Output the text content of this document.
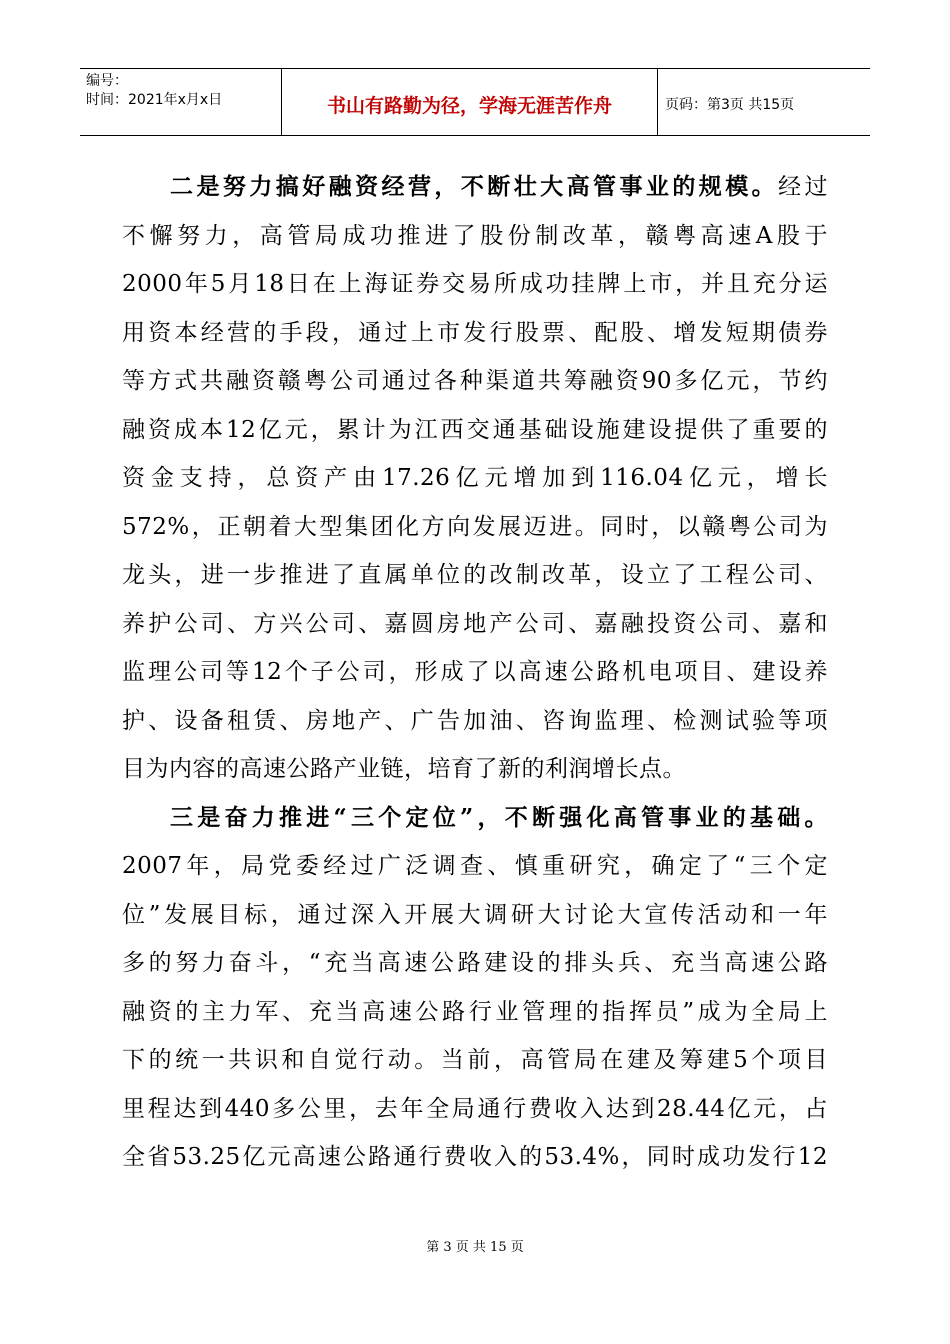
编号：
时间：2021年x月x日	书山有路勤为径，学海无涯苦作舟	页码：第3页 共15页
二是努力搞好融资经营，不断壮大高管事业的规模。经过
不懈努力，高管局成功推进了股份制改革，赣粤高速A股于
2000年5月18日在上海证券交易所成功挂牌上市，并且充分运
用资本经营的手段，通过上市发行股票、配股、增发短期债券
等方式共融资赣粤公司通过各种渠道共筹融资90多亿元，节约
融资成本12亿元，累计为江西交通基础设施建设提供了重要的
资金支持，总资产由17.26亿元增加到116.04亿元，增长
572%，正朝着大型集团化方向发展迈进。同时，以赣粤公司为
龙头，进一步推进了直属单位的改制改革，设立了工程公司、
养护公司、方兴公司、嘉圆房地产公司、嘉融投资公司、嘉和
监理公司等12个子公司，形成了以高速公路机电项目、建设养
护、设备租赁、房地产、广告加油、咨询监理、检测试验等项
目为内容的高速公路产业链，培育了新的利润增长点。
三是奋力推进“三个定位”，不断强化高管事业的基础。
2007年，局党委经过广泛调查、慎重研究，确定了“三个定
位”发展目标，通过深入开展大调研大讨论大宣传活动和一年
多的努力奋斗，“充当高速公路建设的排头兵、充当高速公路
融资的主力军、充当高速公路行业管理的指挥员”成为全局上
下的统一共识和自觉行动。当前，高管局在建及筹建5个项目
里程达到440多公里，去年全局通行费收入达到28.44亿元，占
全省53.25亿元高速公路通行费收入的53.4%，同时成功发行12
第 3 页 共 15 页
